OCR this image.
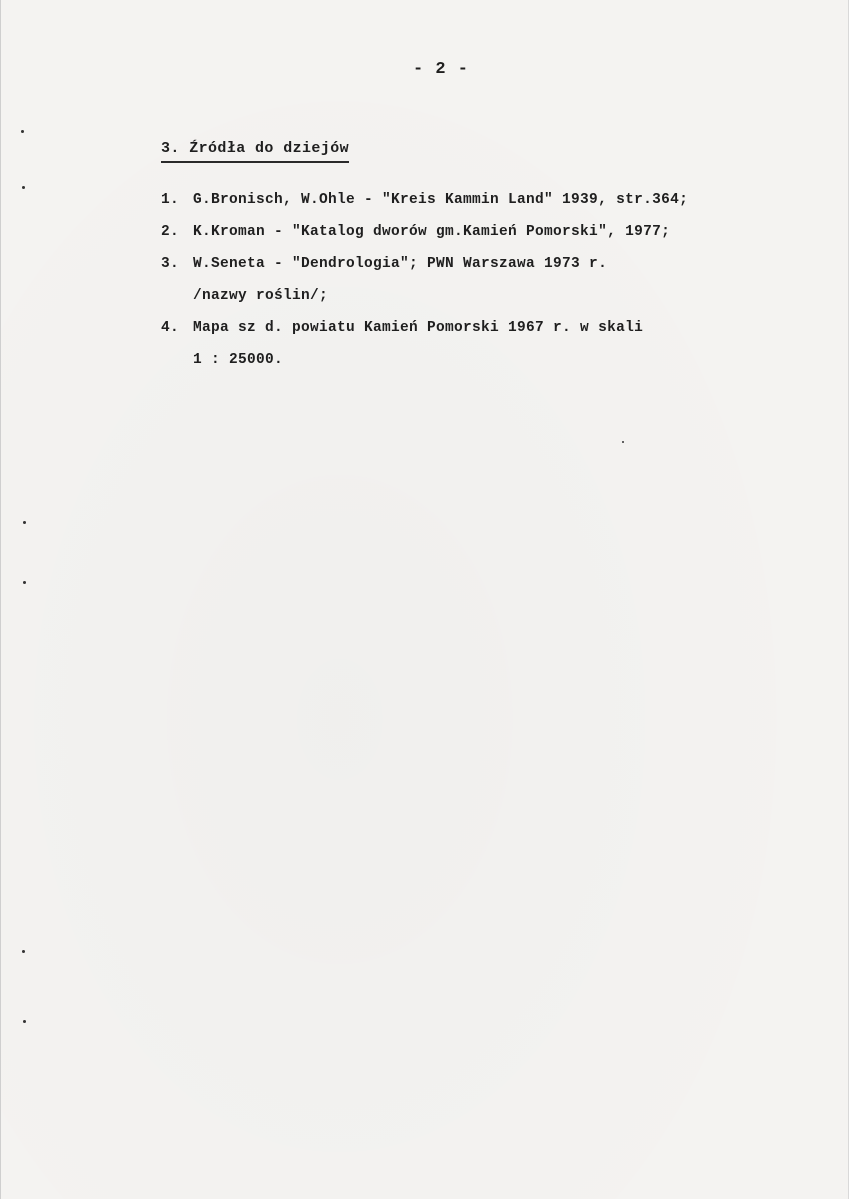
- 2 -
3. Źródła do dziejów
1. G.Bronisch, W.Ohle - "Kreis Kammin Land" 1939, str.364;
2. K.Kroman - "Katalog dworów gm.Kamień Pomorski", 1977;
3. W.Seneta - "Dendrologia"; PWN Warszawa 1973 r.
/nazwy roślin/;
4. Mapa sz d. powiatu Kamień Pomorski 1967 r. w skali
1 : 25000.
